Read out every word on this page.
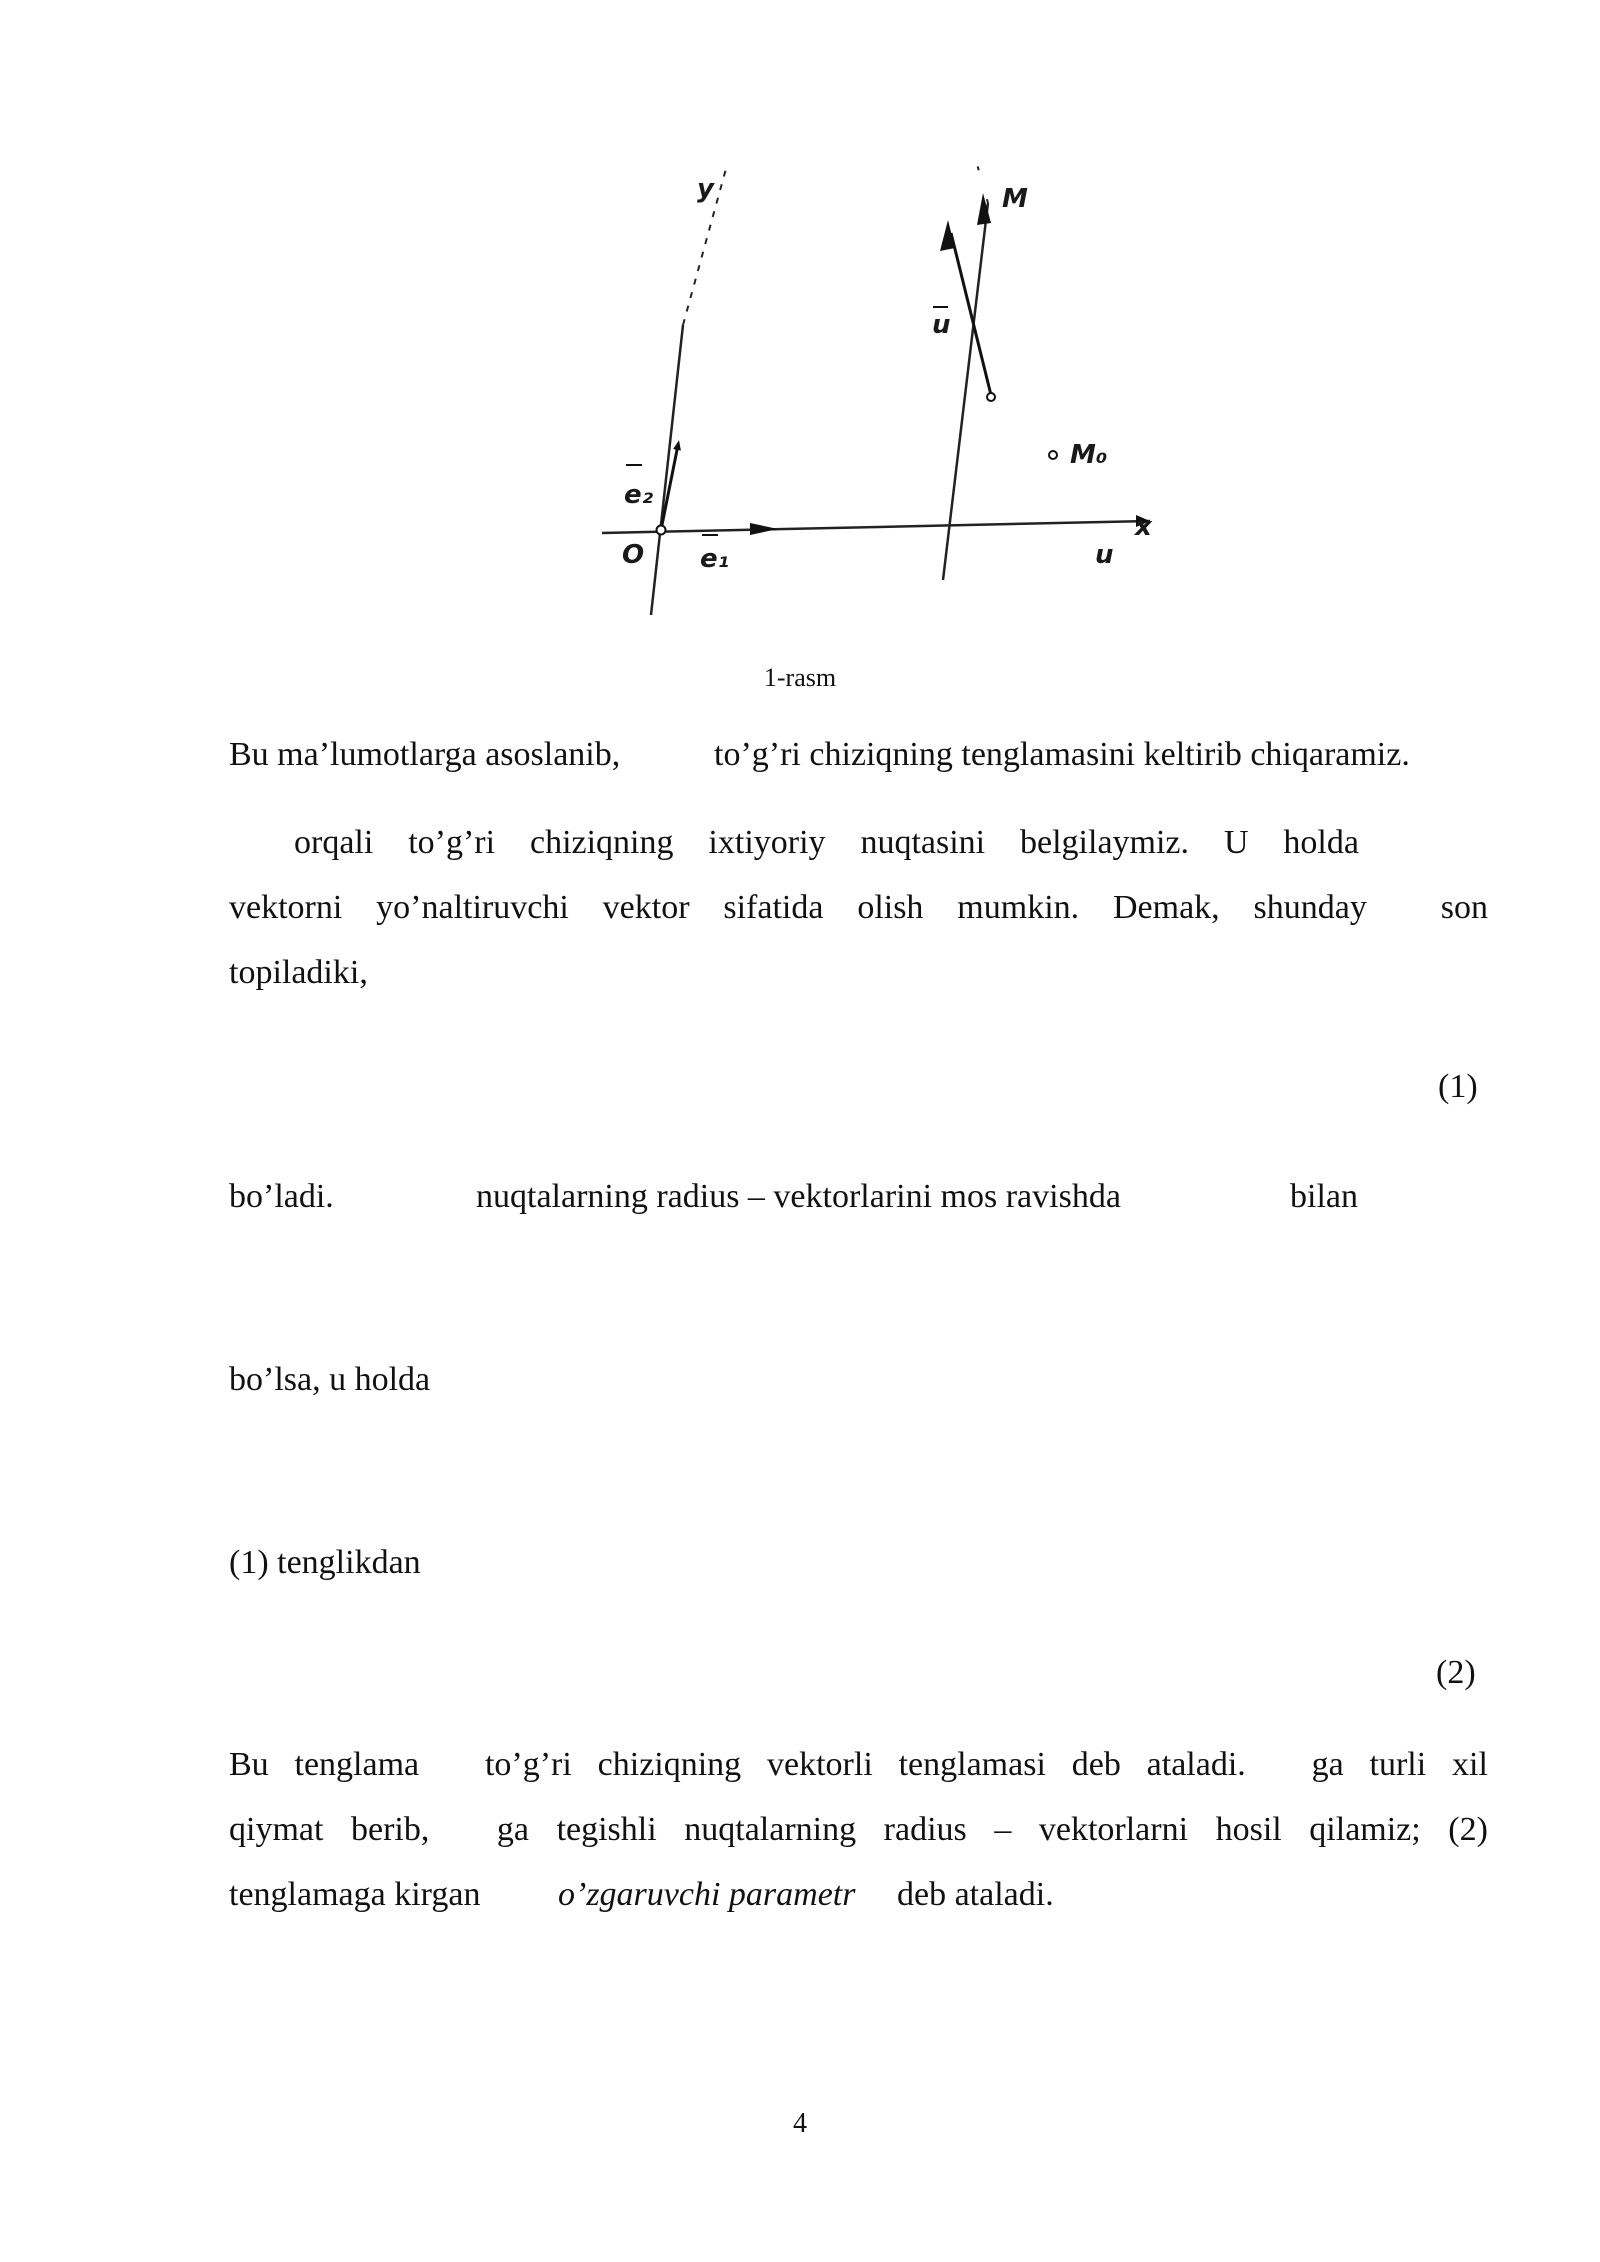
y	M
u
M₀
e₂
O e₁	u
x
1-rasm
Bu ma’lumotlarga asoslanib,	to’g’ri chiziqning tenglamasini keltirib chiqaramiz.
orqali to’g’ri chiziqning ixtiyoriy nuqtasini belgilaymiz. U holda
vektorni yo’naltiruvchi vektor sifatida olish mumkin. Demak, shunday son
topiladiki,
(1)
bo’ladi.	nuqtalarning radius – vektorlarini mos ravishda	bilan
bo’lsa, u holda
(1) tenglikdan
(2)
Bu tenglama to’g’ri chiziqning vektorli tenglamasi deb ataladi. ga turli xil
qiymat berib, ga tegishli nuqtalarning radius – vektorlarni hosil qilamiz; (2)
tenglamaga kirgan o’zgaruvchi parametr deb ataladi.
4
